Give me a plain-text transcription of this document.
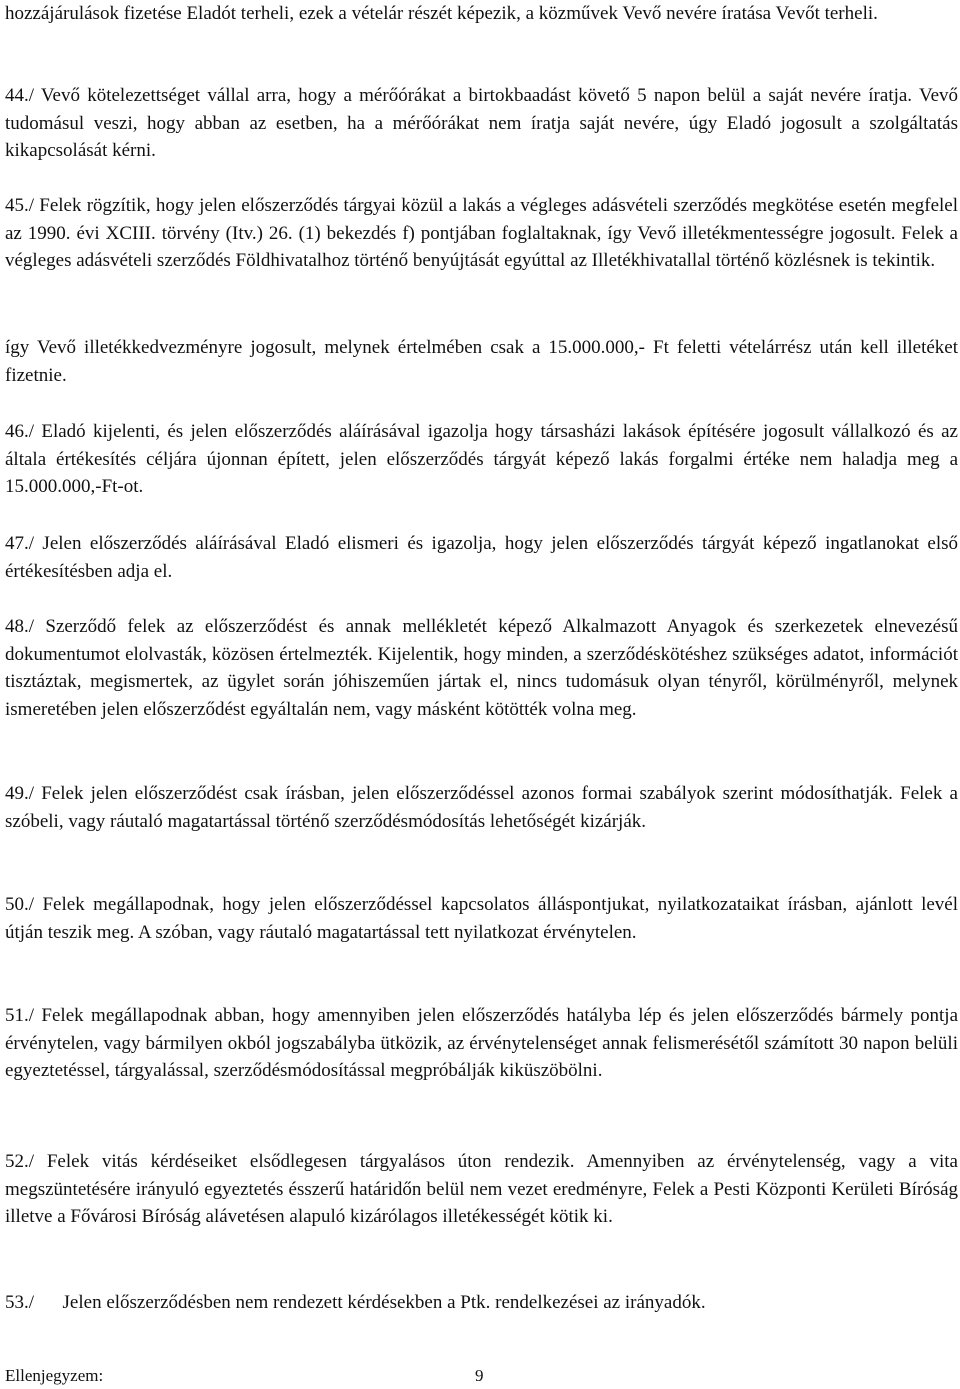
hozzájárulások fizetése Eladót terheli, ezek a vételár részét képezik, a közművek Vevő nevére íratása Vevőt terheli.

44./ Vevő kötelezettséget vállal arra, hogy a mérőórákat a birtokbaadást követő 5 napon belül a saját nevére íratja. Vevő tudomásul veszi, hogy abban az esetben, ha a mérőórákat nem íratja saját nevére, úgy Eladó jogosult a szolgáltatás kikapcsolását kérni.

45./ Felek rögzítik, hogy jelen előszerződés tárgyai közül a lakás a végleges adásvételi szerződés megkötése esetén megfelel az 1990. évi XCIII. törvény (Itv.) 26. (1) bekezdés f) pontjában foglaltaknak, így Vevő illetékmentességre jogosult. Felek a végleges adásvételi szerződés Földhivatalhoz történő benyújtását egyúttal az Illetékhivatallal történő közlésnek is tekintik.

így Vevő illetékkedvezményre jogosult, melynek értelmében csak a 15.000.000,- Ft feletti vételárrész után kell illetéket fizetnie.

46./ Eladó kijelenti, és jelen előszerződés aláírásával igazolja hogy társasházi lakások építésére jogosult vállalkozó és az általa értékesítés céljára újonnan épített, jelen előszerződés tárgyát képező lakás forgalmi értéke nem haladja meg a 15.000.000,-Ft-ot.

47./ Jelen előszerződés aláírásával Eladó elismeri és igazolja, hogy jelen előszerződés tárgyát képező ingatlanokat első értékesítésben adja el.

48./ Szerződő felek az előszerződést és annak mellékletét képező Alkalmazott Anyagok és szerkezetek elnevezésű dokumentumot elolvasták, közösen értelmezték. Kijelentik, hogy minden, a szerződéskötéshez szükséges adatot, információt tisztáztak, megismertek, az ügylet során jóhiszeműen jártak el, nincs tudomásuk olyan tényről, körülményről, melynek ismeretében jelen előszerződést egyáltalán nem, vagy másként kötötték volna meg.

49./ Felek jelen előszerződést csak írásban, jelen előszerződéssel azonos formai szabályok szerint módosíthatják. Felek a szóbeli, vagy ráutaló magatartással történő szerződésmódosítás lehetőségét kizárják.

50./ Felek megállapodnak, hogy jelen előszerződéssel kapcsolatos álláspontjukat, nyilatkozataikat írásban, ajánlott levél útján teszik meg. A szóban, vagy ráutaló magatartással tett nyilatkozat érvénytelen.

51./ Felek megállapodnak abban, hogy amennyiben jelen előszerződés hatályba lép és jelen előszerződés bármely pontja érvénytelen, vagy bármilyen okból jogszabályba ütközik, az érvénytelenséget annak felismerésétől számított 30 napon belüli egyeztetéssel, tárgyalással, szerződésmódosítással megpróbálják kiküszöbölni.

52./ Felek vitás kérdéseiket elsődlegesen tárgyalásos úton rendezik. Amennyiben az érvénytelenség, vagy a vita megszüntetésére irányuló egyeztetés ésszerű határidőn belül nem vezet eredményre, Felek a Pesti Központi Kerületi Bíróság illetve a Fővárosi Bíróság alávetésen alapuló kizárólagos illetékességét kötik ki.

53./      Jelen előszerződésben nem rendezett kérdésekben a Ptk. rendelkezései az irányadók.

Ellenjegyzem:	9
